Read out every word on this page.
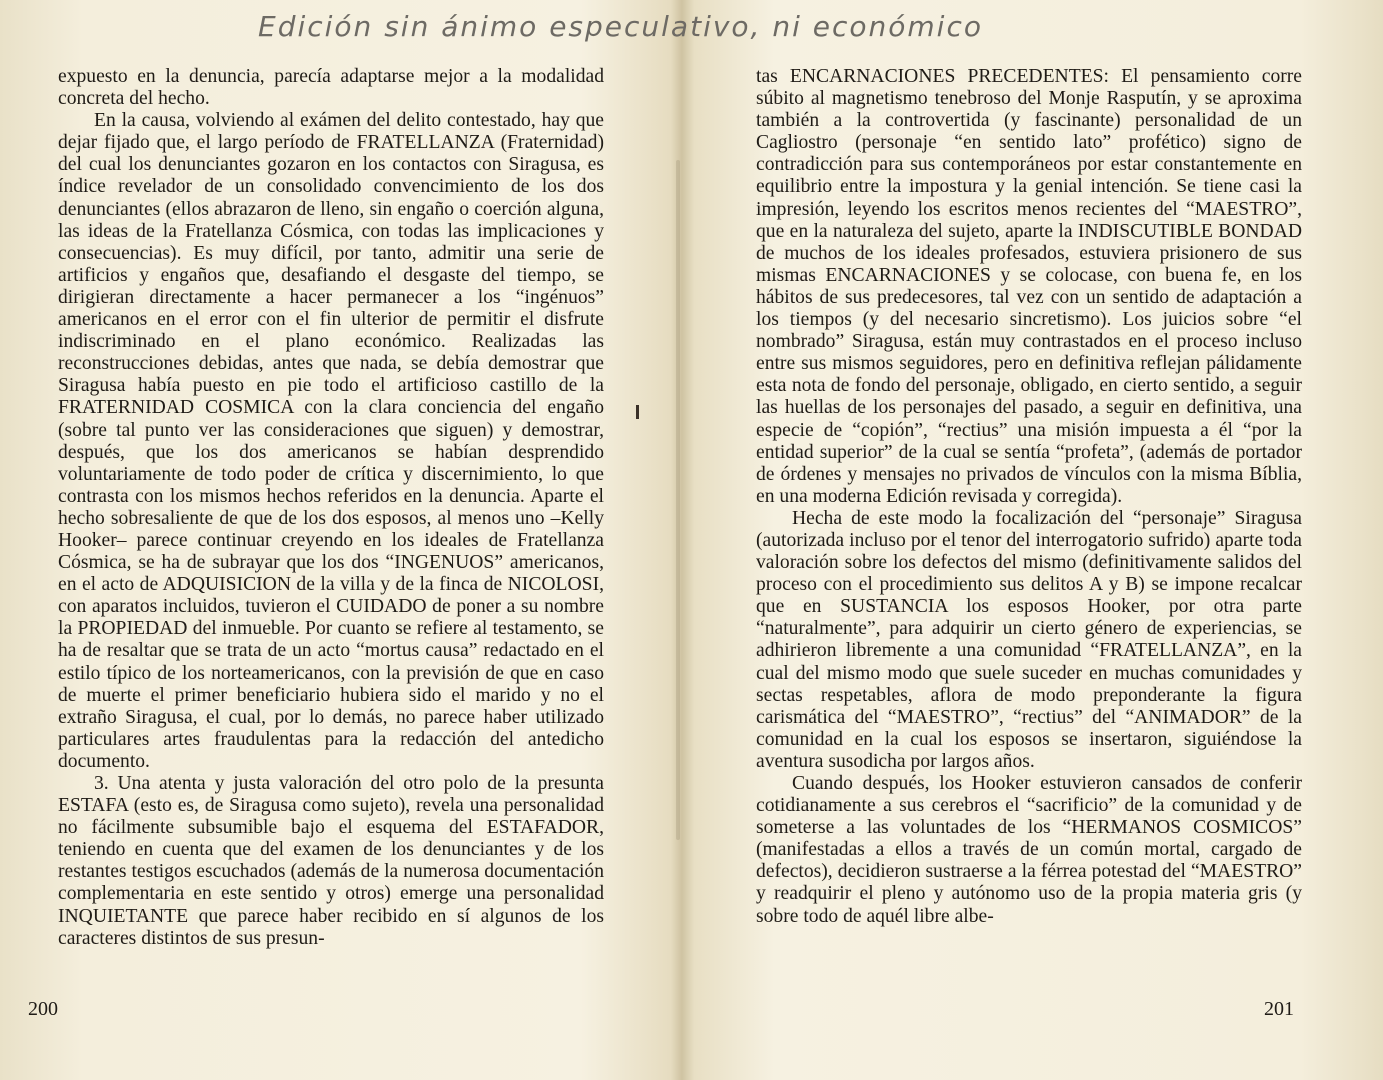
Edición sin ánimo especulativo, ni económico

expuesto en la denuncia, parecía adaptarse mejor a la modalidad concreta del hecho.

En la causa, volviendo al exámen del delito contestado, hay que dejar fijado que, el largo período de FRATELLANZA (Fraternidad) del cual los denunciantes gozaron en los contactos con Siragusa, es índice revelador de un consolidado convencimiento de los dos denunciantes (ellos abrazaron de lleno, sin engaño o coerción alguna, las ideas de la Fratellanza Cósmica, con todas las implicaciones y consecuencias). Es muy difícil, por tanto, admitir una serie de artificios y engaños que, desafiando el desgaste del tiempo, se dirigieran directamente a hacer permanecer a los “ingénuos” americanos en el error con el fin ulterior de permitir el disfrute indiscriminado en el plano económico. Realizadas las reconstrucciones debidas, antes que nada, se debía demostrar que Siragusa había puesto en pie todo el artificioso castillo de la FRATERNIDAD COSMICA con la clara conciencia del engaño (sobre tal punto ver las consideraciones que siguen) y demostrar, después, que los dos americanos se habían desprendido voluntariamente de todo poder de crítica y discernimiento, lo que contrasta con los mismos hechos referidos en la denuncia. Aparte el hecho sobresaliente de que de los dos esposos, al menos uno –Kelly Hooker– parece continuar creyendo en los ideales de Fratellanza Cósmica, se ha de subrayar que los dos “INGENUOS” americanos, en el acto de ADQUISICION de la villa y de la finca de NICOLOSI, con aparatos incluidos, tuvieron el CUIDADO de poner a su nombre la PROPIEDAD del inmueble. Por cuanto se refiere al testamento, se ha de resaltar que se trata de un acto “mortus causa” redactado en el estilo típico de los norteamericanos, con la previsión de que en caso de muerte el primer beneficiario hubiera sido el marido y no el extraño Siragusa, el cual, por lo demás, no parece haber utilizado particulares artes fraudulentas para la redacción del antedicho documento.

3. Una atenta y justa valoración del otro polo de la presunta ESTAFA (esto es, de Siragusa como sujeto), revela una personalidad no fácilmente subsumible bajo el esquema del ESTAFADOR, teniendo en cuenta que del examen de los denunciantes y de los restantes testigos escuchados (además de la numerosa documentación complementaria en este sentido y otros) emerge una personalidad INQUIETANTE que parece haber recibido en sí algunos de los caracteres distintos de sus presun-

200

tas ENCARNACIONES PRECEDENTES: El pensamiento corre súbito al magnetismo tenebroso del Monje Rasputín, y se aproxima también a la controvertida (y fascinante) personalidad de un Cagliostro (personaje “en sentido lato” profético) signo de contradicción para sus contemporáneos por estar constantemente en equilibrio entre la impostura y la genial intención. Se tiene casi la impresión, leyendo los escritos menos recientes del “MAESTRO”, que en la naturaleza del sujeto, aparte la INDISCUTIBLE BONDAD de muchos de los ideales profesados, estuviera prisionero de sus mismas ENCARNACIONES y se colocase, con buena fe, en los hábitos de sus predecesores, tal vez con un sentido de adaptación a los tiempos (y del necesario sincretismo). Los juicios sobre “el nombrado” Siragusa, están muy contrastados en el proceso incluso entre sus mismos seguidores, pero en definitiva reflejan pálidamente esta nota de fondo del personaje, obligado, en cierto sentido, a seguir las huellas de los personajes del pasado, a seguir en definitiva, una especie de “copión”, “rectius” una misión impuesta a él “por la entidad superior” de la cual se sentía “profeta”, (además de portador de órdenes y mensajes no privados de vínculos con la misma Bíblia, en una moderna Edición revisada y corregida).

Hecha de este modo la focalización del “personaje” Siragusa (autorizada incluso por el tenor del interrogatorio sufrido) aparte toda valoración sobre los defectos del mismo (definitivamente salidos del proceso con el procedimiento sus delitos A y B) se impone recalcar que en SUSTANCIA los esposos Hooker, por otra parte “naturalmente”, para adquirir un cierto género de experiencias, se adhirieron libremente a una comunidad “FRATELLANZA”, en la cual del mismo modo que suele suceder en muchas comunidades y sectas respetables, aflora de modo preponderante la figura carismática del “MAESTRO”, “rectius” del “ANIMADOR” de la comunidad en la cual los esposos se insertaron, siguiéndose la aventura susodicha por largos años.

Cuando después, los Hooker estuvieron cansados de conferir cotidianamente a sus cerebros el “sacrificio” de la comunidad y de someterse a las voluntades de los “HERMANOS COSMICOS” (manifestadas a ellos a través de un común mortal, cargado de defectos), decidieron sustraerse a la férrea potestad del “MAESTRO” y readquirir el pleno y autónomo uso de la propia materia gris (y sobre todo de aquél libre albe-

201
